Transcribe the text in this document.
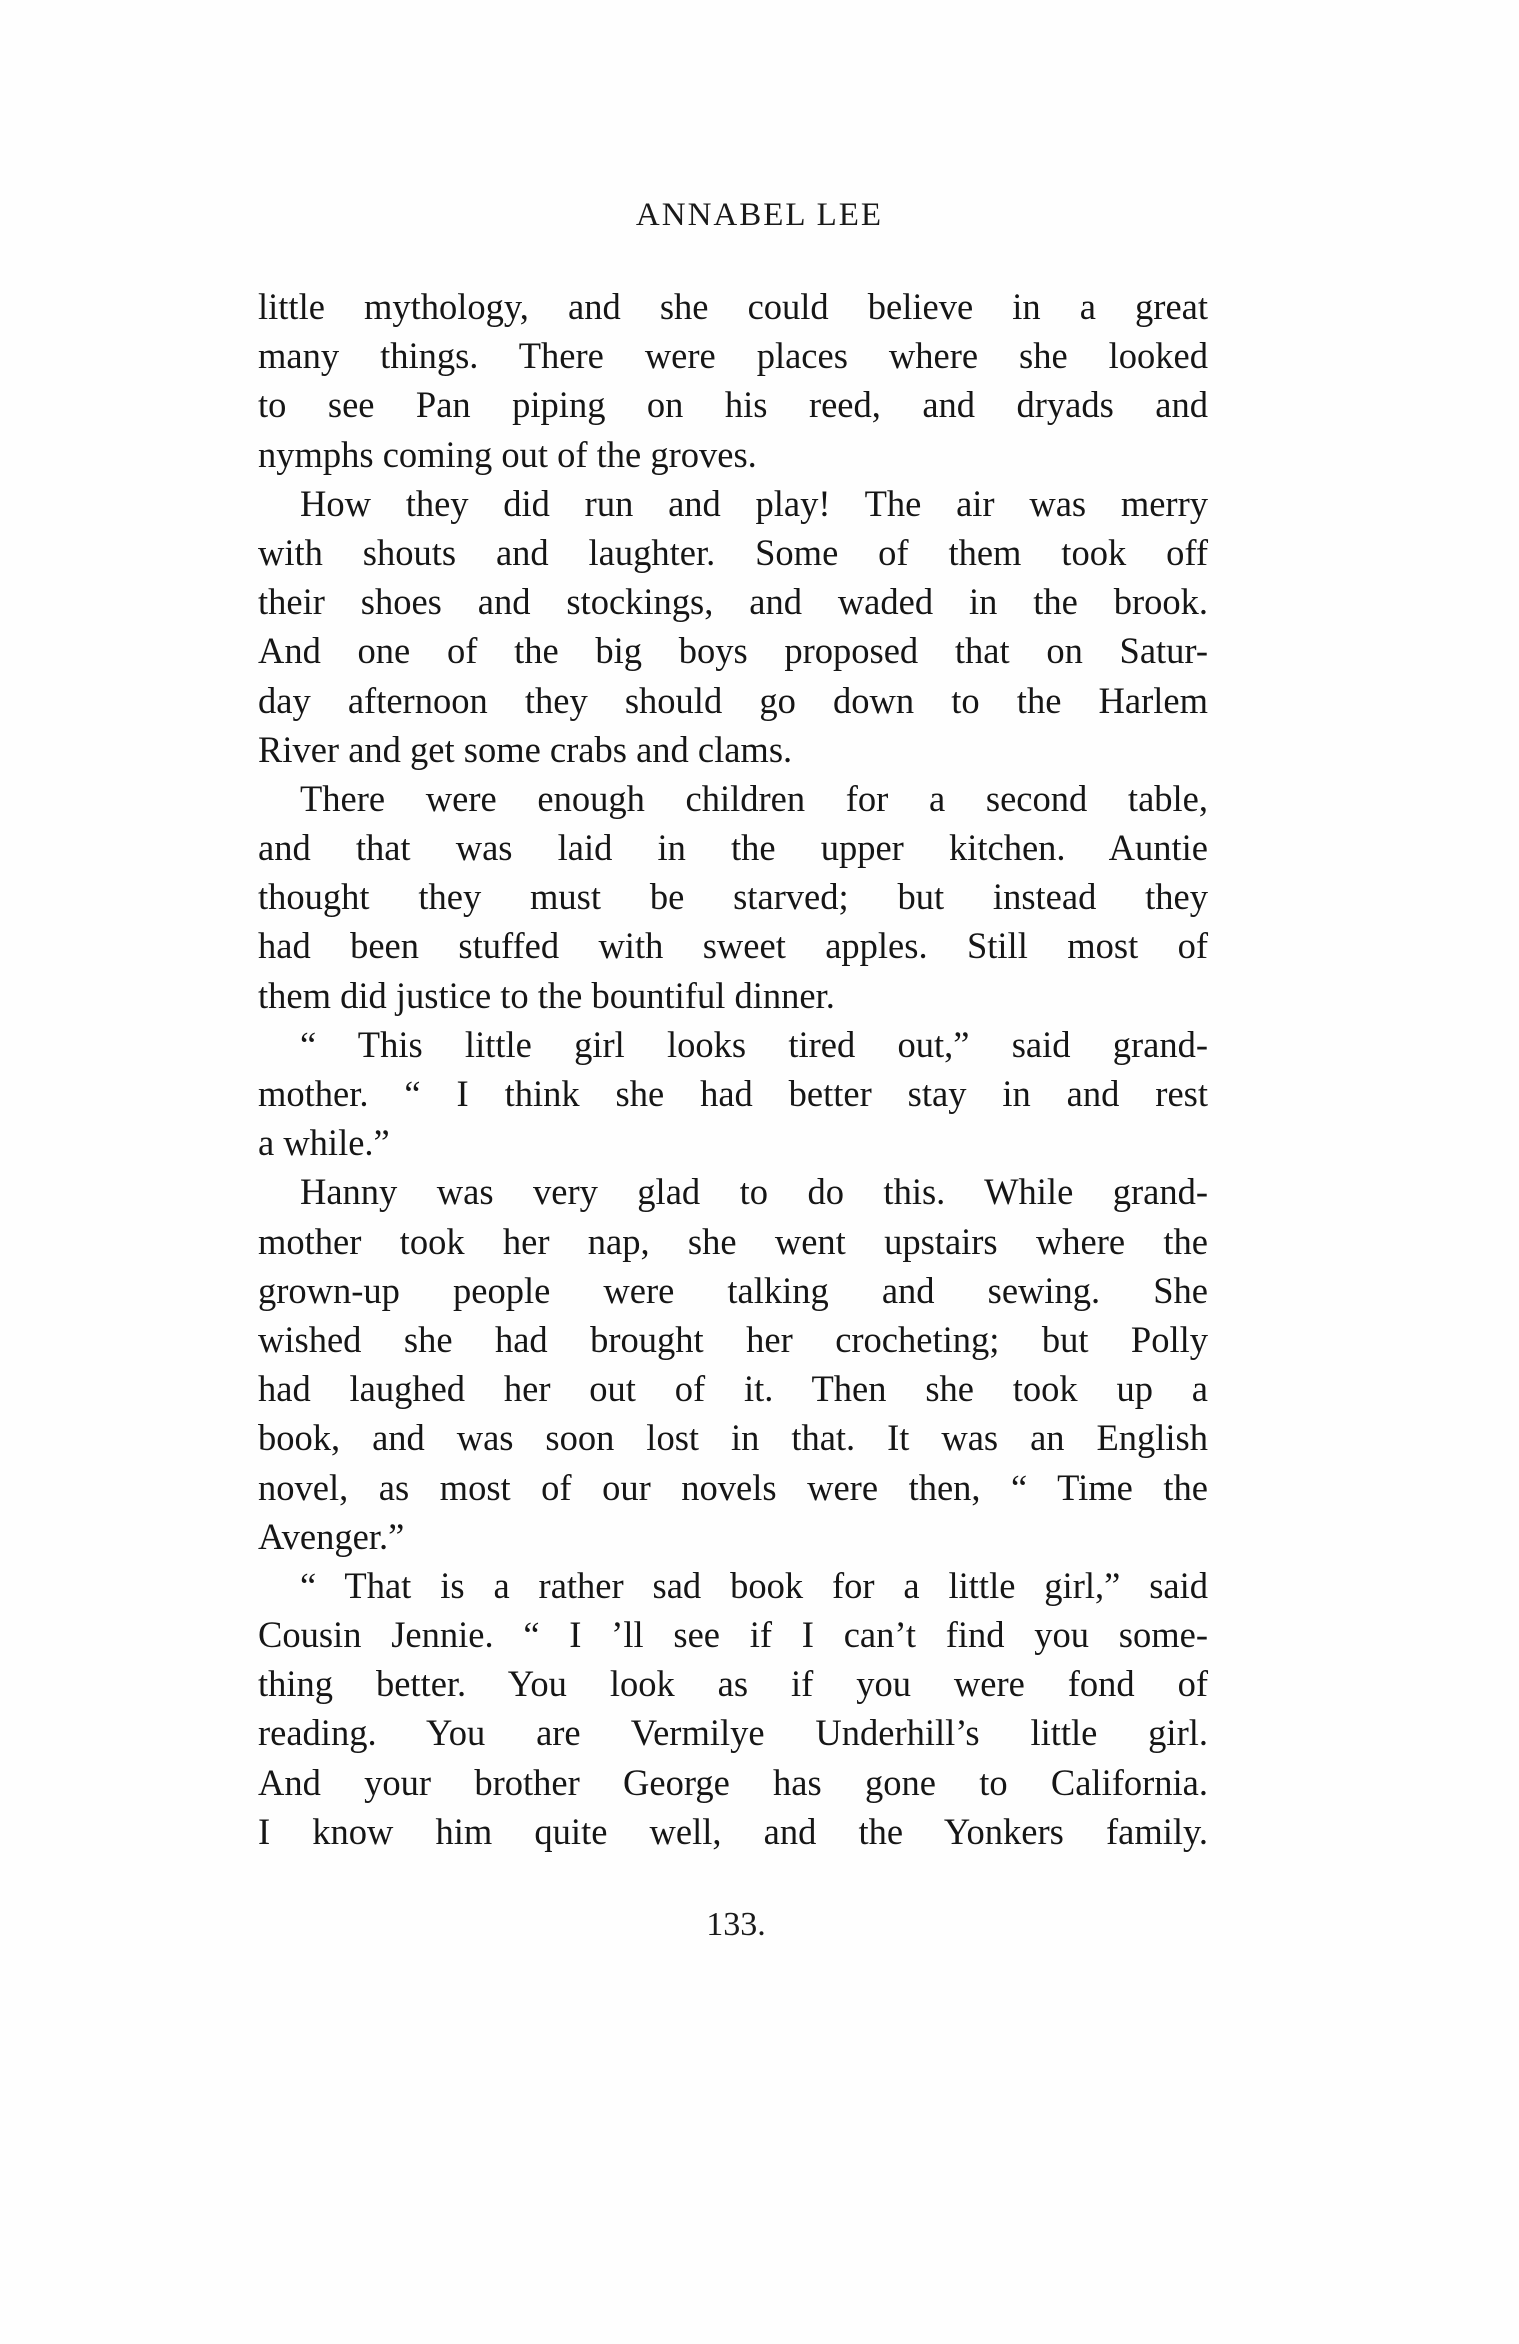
ANNABEL LEE
little mythology, and she could believe in a great
many things. There were places where she looked
to see Pan piping on his reed, and dryads and
nymphs coming out of the groves.
How they did run and play! The air was merry
with shouts and laughter. Some of them took off
their shoes and stockings, and waded in the brook.
And one of the big boys proposed that on Satur-
day afternoon they should go down to the Harlem
River and get some crabs and clams.
There were enough children for a second table,
and that was laid in the upper kitchen. Auntie
thought they must be starved; but instead they
had been stuffed with sweet apples. Still most of
them did justice to the bountiful dinner.
“ This little girl looks tired out,” said grand-
mother. “ I think she had better stay in and rest
a while.”
Hanny was very glad to do this. While grand-
mother took her nap, she went upstairs where the
grown-up people were talking and sewing. She
wished she had brought her crocheting; but Polly
had laughed her out of it. Then she took up a
book, and was soon lost in that. It was an English
novel, as most of our novels were then, “ Time the
Avenger.”
“ That is a rather sad book for a little girl,” said
Cousin Jennie. “ I ’ll see if I can’t find you some-
thing better. You look as if you were fond of
reading. You are Vermilye Underhill’s little girl.
And your brother George has gone to California.
I know him quite well, and the Yonkers family.
133.
